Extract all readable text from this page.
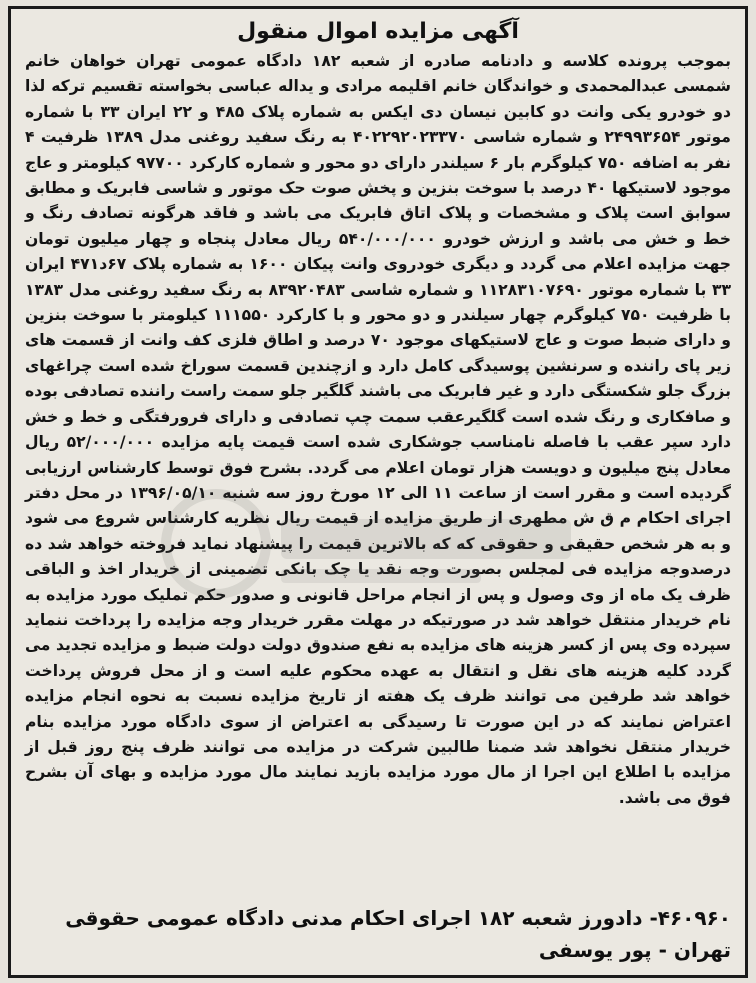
آگهی مزایده اموال منقول

بموجب پرونده کلاسه و دادنامه صادره از شعبه ۱۸۲ دادگاه عمومی تهران خواهان خانم شمسی عبدالمحمدی و خواندگان خانم اقلیمه مرادی و یداله عباسی بخواسته تقسیم ترکه لذا دو خودرو یکی وانت دو کابین نیسان دی ایکس به شماره پلاک ۴۸۵ و ۲۲ ایران ۳۳ با شماره موتور ۲۴۹۹۳۶۵۴ و شماره شاسی ۴۰۲۲۹۲۰۲۳۳۷۰ به رنگ سفید روغنی مدل ۱۳۸۹ ظرفیت ۴ نفر به اضافه ۷۵۰ کیلوگرم بار ۶ سیلندر دارای دو محور و شماره کارکرد ۹۷۷۰۰ کیلومتر و عاج موجود لاستیکها ۴۰ درصد با سوخت بنزین و پخش صوت حک موتور و شاسی فابریک و مطابق سوابق است پلاک و مشخصات و پلاک اتاق فابریک می باشد و فاقد هرگونه تصادف رنگ و خط و خش می باشد و ارزش خودرو ۵۴۰/۰۰۰/۰۰۰ ریال معادل پنجاه و چهار میلیون تومان جهت مزایده اعلام می گردد و دیگری خودروی وانت پیکان ۱۶۰۰ به شماره پلاک ۶۷د۴۷۱ ایران ۳۳ با شماره موتور ۱۱۲۸۳۱۰۷۶۹۰ و شماره شاسی ۸۳۹۲۰۴۸۳ به رنگ سفید روغنی مدل ۱۳۸۳ با ظرفیت ۷۵۰ کیلوگرم چهار سیلندر و دو محور و با کارکرد ۱۱۱۵۵۰ کیلومتر با سوخت بنزین و دارای ضبط صوت و عاج لاستیکهای موجود ۷۰ درصد و اطاق فلزی کف وانت از قسمت های زیر پای راننده و سرنشین پوسیدگی کامل دارد و ازچندین قسمت سوراخ شده است چراغهای بزرگ جلو شکستگی دارد و غیر فابریک می باشند گلگیر جلو سمت راست راننده تصادفی بوده و صافکاری و رنگ شده است گلگیرعقب سمت چپ تصادفی و دارای فرورفتگی و خط و خش دارد سپر عقب با فاصله نامناسب جوشکاری شده است قیمت پایه مزایده ۵۲/۰۰۰/۰۰۰ ریال معادل پنج میلیون و دویست هزار تومان اعلام می گردد. بشرح فوق توسط کارشناس ارزیابی گردیده است و مقرر است از ساعت ۱۱ الی ۱۲ مورخ روز سه شنبه ۱۳۹۶/۰۵/۱۰ در محل دفتر اجرای احکام م ق ش مطهری از طریق مزایده از قیمت ریال نظریه کارشناس شروع می شود و به هر شخص حقیقی و حقوقی که که بالاترین قیمت را پیشنهاد نماید فروخته خواهد شد ده درصدوجه مزایده فی لمجلس بصورت وجه نقد یا چک بانکی تضمینی از خریدار اخذ و الباقی ظرف یک ماه از وی وصول و پس از انجام مراحل قانونی و صدور حکم تملیک مورد مزایده به نام خریدار منتقل خواهد شد در صورتیکه در مهلت مقرر خریدار وجه مزایده را پرداخت ننماید سپرده وی پس از کسر هزینه های مزایده به نفع صندوق دولت دولت ضبط و مزایده تجدید می گردد کلیه هزینه های نقل و انتقال به عهده محکوم علیه است و از محل فروش پرداخت خواهد شد طرفین می توانند ظرف یک هفته از تاریخ مزایده نسبت به نحوه انجام مزایده اعتراض نمایند که در این صورت تا رسیدگی به اعتراض از سوی دادگاه مورد مزایده بنام خریدار منتقل نخواهد شد ضمنا طالبین شرکت در مزایده می توانند ظرف پنج روز قبل از مزایده با اطلاع این اجرا از مال مورد مزایده بازید نمایند مال مورد مزایده و بهای آن بشرح فوق می باشد.

۴۶۰۹۶۰- دادورز شعبه ۱۸۲ اجرای احکام مدنی دادگاه عمومی حقوقی

تهران - پور یوسفی
